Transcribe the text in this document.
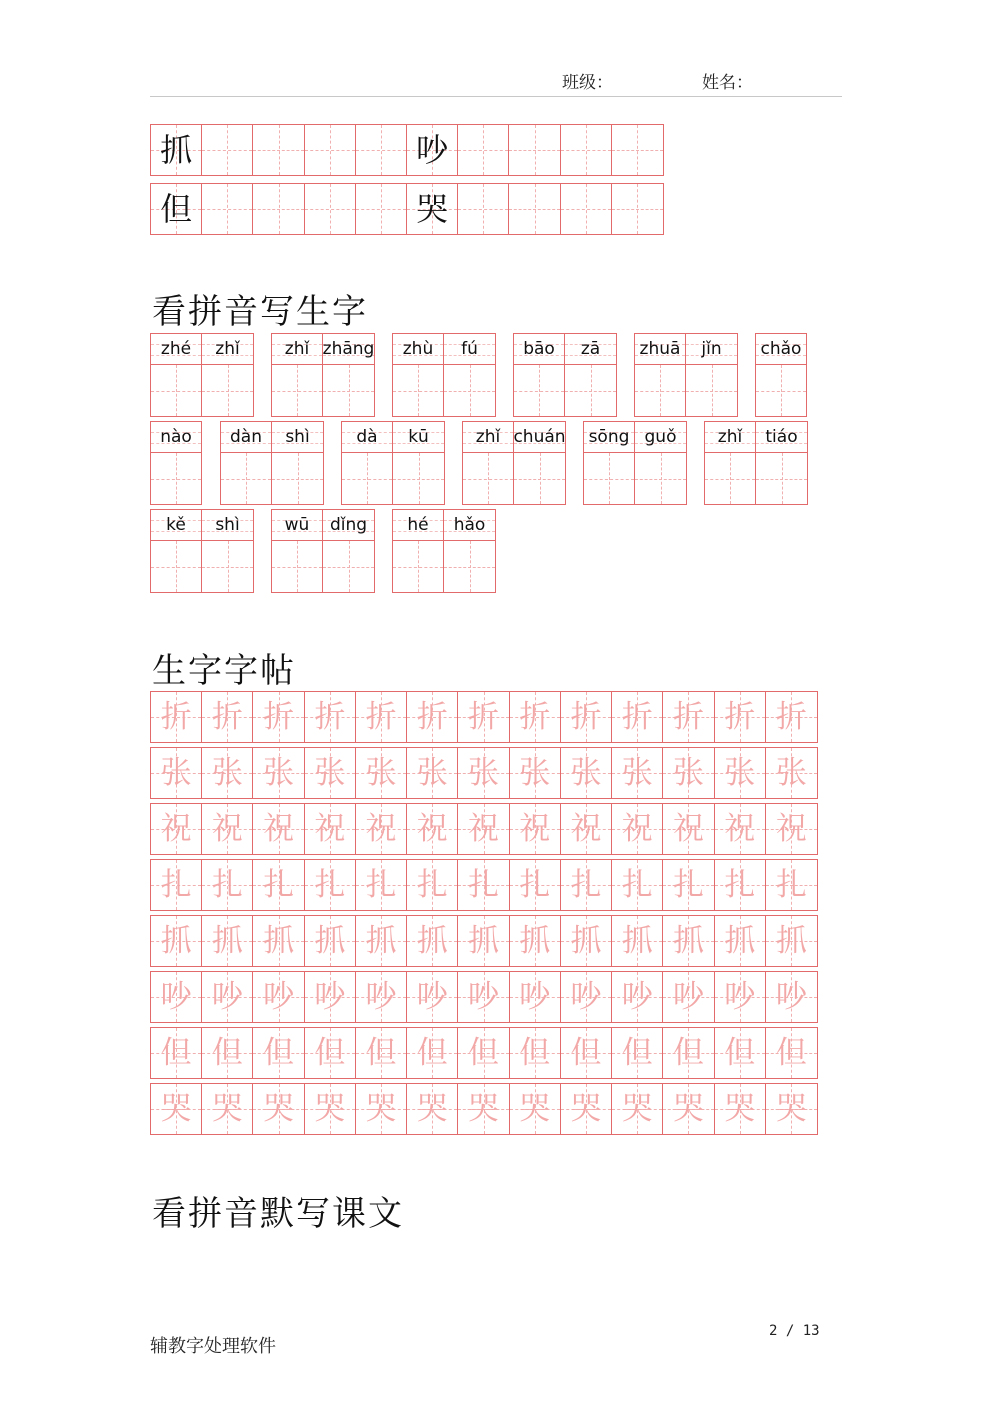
班级：	姓名：
抓	吵
但	哭
看拼音写生字
zhé zhǐ	zhǐ zhāng zhù fú	bāo zā zhuā jǐn chǎo
nào dàn shì	dà kū	zhǐ chuán sōng guǒ zhǐ tiáo
kě shì	wū dǐng hé hǎo
生字字帖
折 折 折 折 折 折 折 折 折 折 折 折 折
张 张 张 张 张 张 张 张 张 张 张 张 张
祝 祝 祝 祝 祝 祝 祝 祝 祝 祝 祝 祝 祝
扎 扎 扎 扎 扎 扎 扎 扎 扎 扎 扎 扎 扎
抓 抓 抓 抓 抓 抓 抓 抓 抓 抓 抓 抓 抓
吵 吵 吵 吵 吵 吵 吵 吵 吵 吵 吵 吵 吵
但 但 但 但 但 但 但 但 但 但 但 但 但
哭 哭 哭 哭 哭 哭 哭 哭 哭 哭 哭 哭 哭
看拼音默写课文
辅教字处理软件
2 / 13
